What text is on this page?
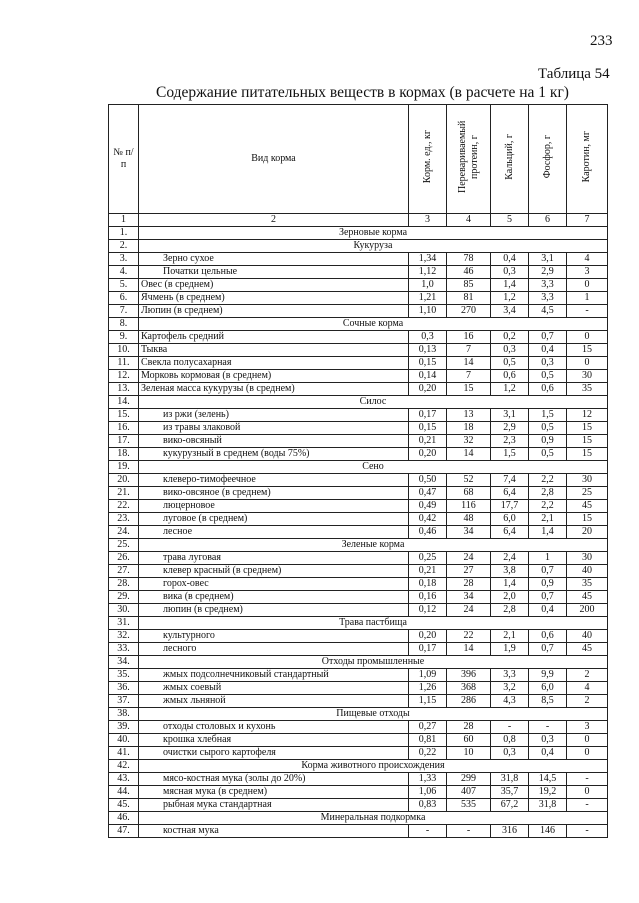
233
Таблица 54
Содержание питательных веществ в кормах (в расчете на 1 кг)
№ п/п	Вид корма	Корм. ед., кг	Перевариваемый протеин, г	Кальций, г	Фосфор, г	Каротин, мг
1	2	3	4	5	6	7
1.	Зерновые корма					
2.	Кукуруза					
3.	Зерно сухое	1,34	78	0,4	3,1	4
4.	Початки цельные	1,12	46	0,3	2,9	3
5.	Овес (в среднем)	1,0	85	1,4	3,3	0
6.	Ячмень (в среднем)	1,21	81	1,2	3,3	1
7.	Люпин (в среднем)	1,10	270	3,4	4,5	-
8.	Сочные корма					
9.	Картофель средний	0,3	16	0,2	0,7	0
10.	Тыква	0,13	7	0,3	0,4	15
11.	Свекла полусахарная	0,15	14	0,5	0,3	0
12.	Морковь кормовая (в среднем)	0,14	7	0,6	0,5	30
13.	Зеленая масса кукурузы (в среднем)	0,20	15	1,2	0,6	35
14.	Силос					
15.	из ржи (зелень)	0,17	13	3,1	1,5	12
16.	из травы злаковой	0,15	18	2,9	0,5	15
17.	вико-овсяный	0,21	32	2,3	0,9	15
18.	кукурузный в среднем (воды 75%)	0,20	14	1,5	0,5	15
19.	Сено					
20.	клеверо-тимофеечное	0,50	52	7,4	2,2	30
21.	вико-овсяное (в среднем)	0,47	68	6,4	2,8	25
22.	люцерновое	0,49	116	17,7	2,2	45
23.	луговое (в среднем)	0,42	48	6,0	2,1	15
24.	лесное	0,46	34	6,4	1,4	20
25.	Зеленые корма					
26.	трава луговая	0,25	24	2,4	1	30
27.	клевер красный (в среднем)	0,21	27	3,8	0,7	40
28.	горох-овес	0,18	28	1,4	0,9	35
29.	вика (в среднем)	0,16	34	2,0	0,7	45
30.	люпин (в среднем)	0,12	24	2,8	0,4	200
31.	Трава пастбища					
32.	культурного	0,20	22	2,1	0,6	40
33.	лесного	0,17	14	1,9	0,7	45
34.	Отходы промышленные					
35.	жмых подсолнечниковый стандартный	1,09	396	3,3	9,9	2
36.	жмых соевый	1,26	368	3,2	6,0	4
37.	жмых льняной	1,15	286	4,3	8,5	2
38.	Пищевые отходы					
39.	отходы столовых и кухонь	0,27	28	-	-	3
40.	крошка хлебная	0,81	60	0,8	0,3	0
41.	очистки сырого картофеля	0,22	10	0,3	0,4	0
42.	Корма животного происхождения					
43.	мясо-костная мука (золы до 20%)	1,33	299	31,8	14,5	-
44.	мясная мука (в среднем)	1,06	407	35,7	19,2	0
45.	рыбная мука стандартная	0,83	535	67,2	31,8	-
46.	Минеральная подкормка					
47.	костная мука	-	-	316	146	-
